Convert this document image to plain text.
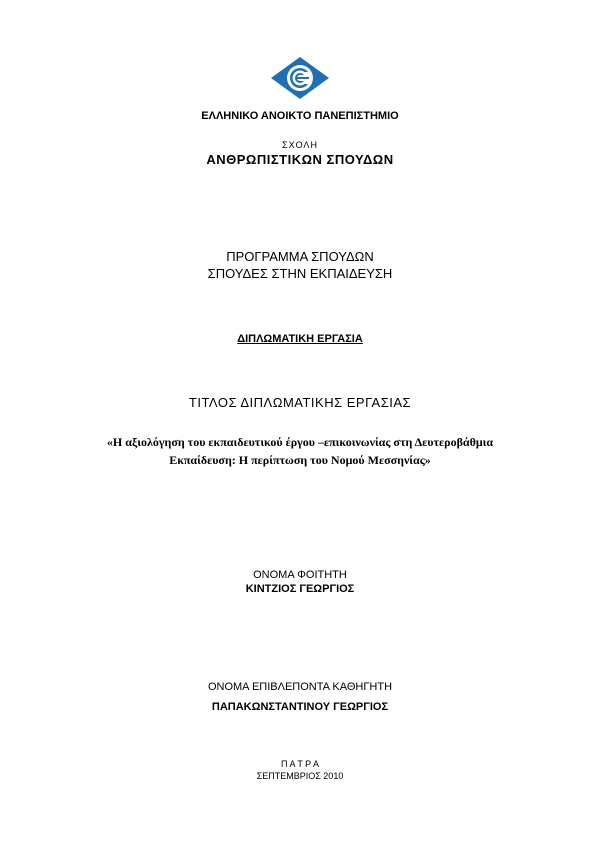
ΕΛΛΗΝΙΚΟ ΑΝΟΙΚΤΟ ΠΑΝΕΠΙΣΤΗΜΙΟ
ΣΧΟΛΗ
ΑΝΘΡΩΠΙΣΤΙΚΩΝ ΣΠΟΥΔΩΝ
ΠΡΟΓΡΑΜΜΑ ΣΠΟΥΔΩΝ
ΣΠΟΥΔΕΣ ΣΤΗΝ ΕΚΠΑΙΔΕΥΣΗ
ΔΙΠΛΩΜΑΤΙΚΗ ΕΡΓΑΣΙΑ
ΤΙΤΛΟΣ ΔΙΠΛΩΜΑΤΙΚΗΣ ΕΡΓΑΣΙΑΣ
«Η αξιολόγηση του εκπαιδευτικού έργου –επικοινωνίας στη Δευτεροβάθμια
Εκπαίδευση: Η περίπτωση του Νομού Μεσσηνίας»
ΟΝΟΜΑ ΦΟΙΤΗΤΗ
ΚΙΝΤΖΙΟΣ ΓΕΩΡΓΙΟΣ
ΟΝΟΜΑ ΕΠΙΒΛΕΠΟΝΤΑ ΚΑΘΗΓΗΤΗ
ΠΑΠΑΚΩΝΣΤΑΝΤΙΝΟΥ ΓΕΩΡΓΙΟΣ
Π Α Τ Ρ Α
ΣΕΠΤΕΜΒΡΙΟΣ 2010
